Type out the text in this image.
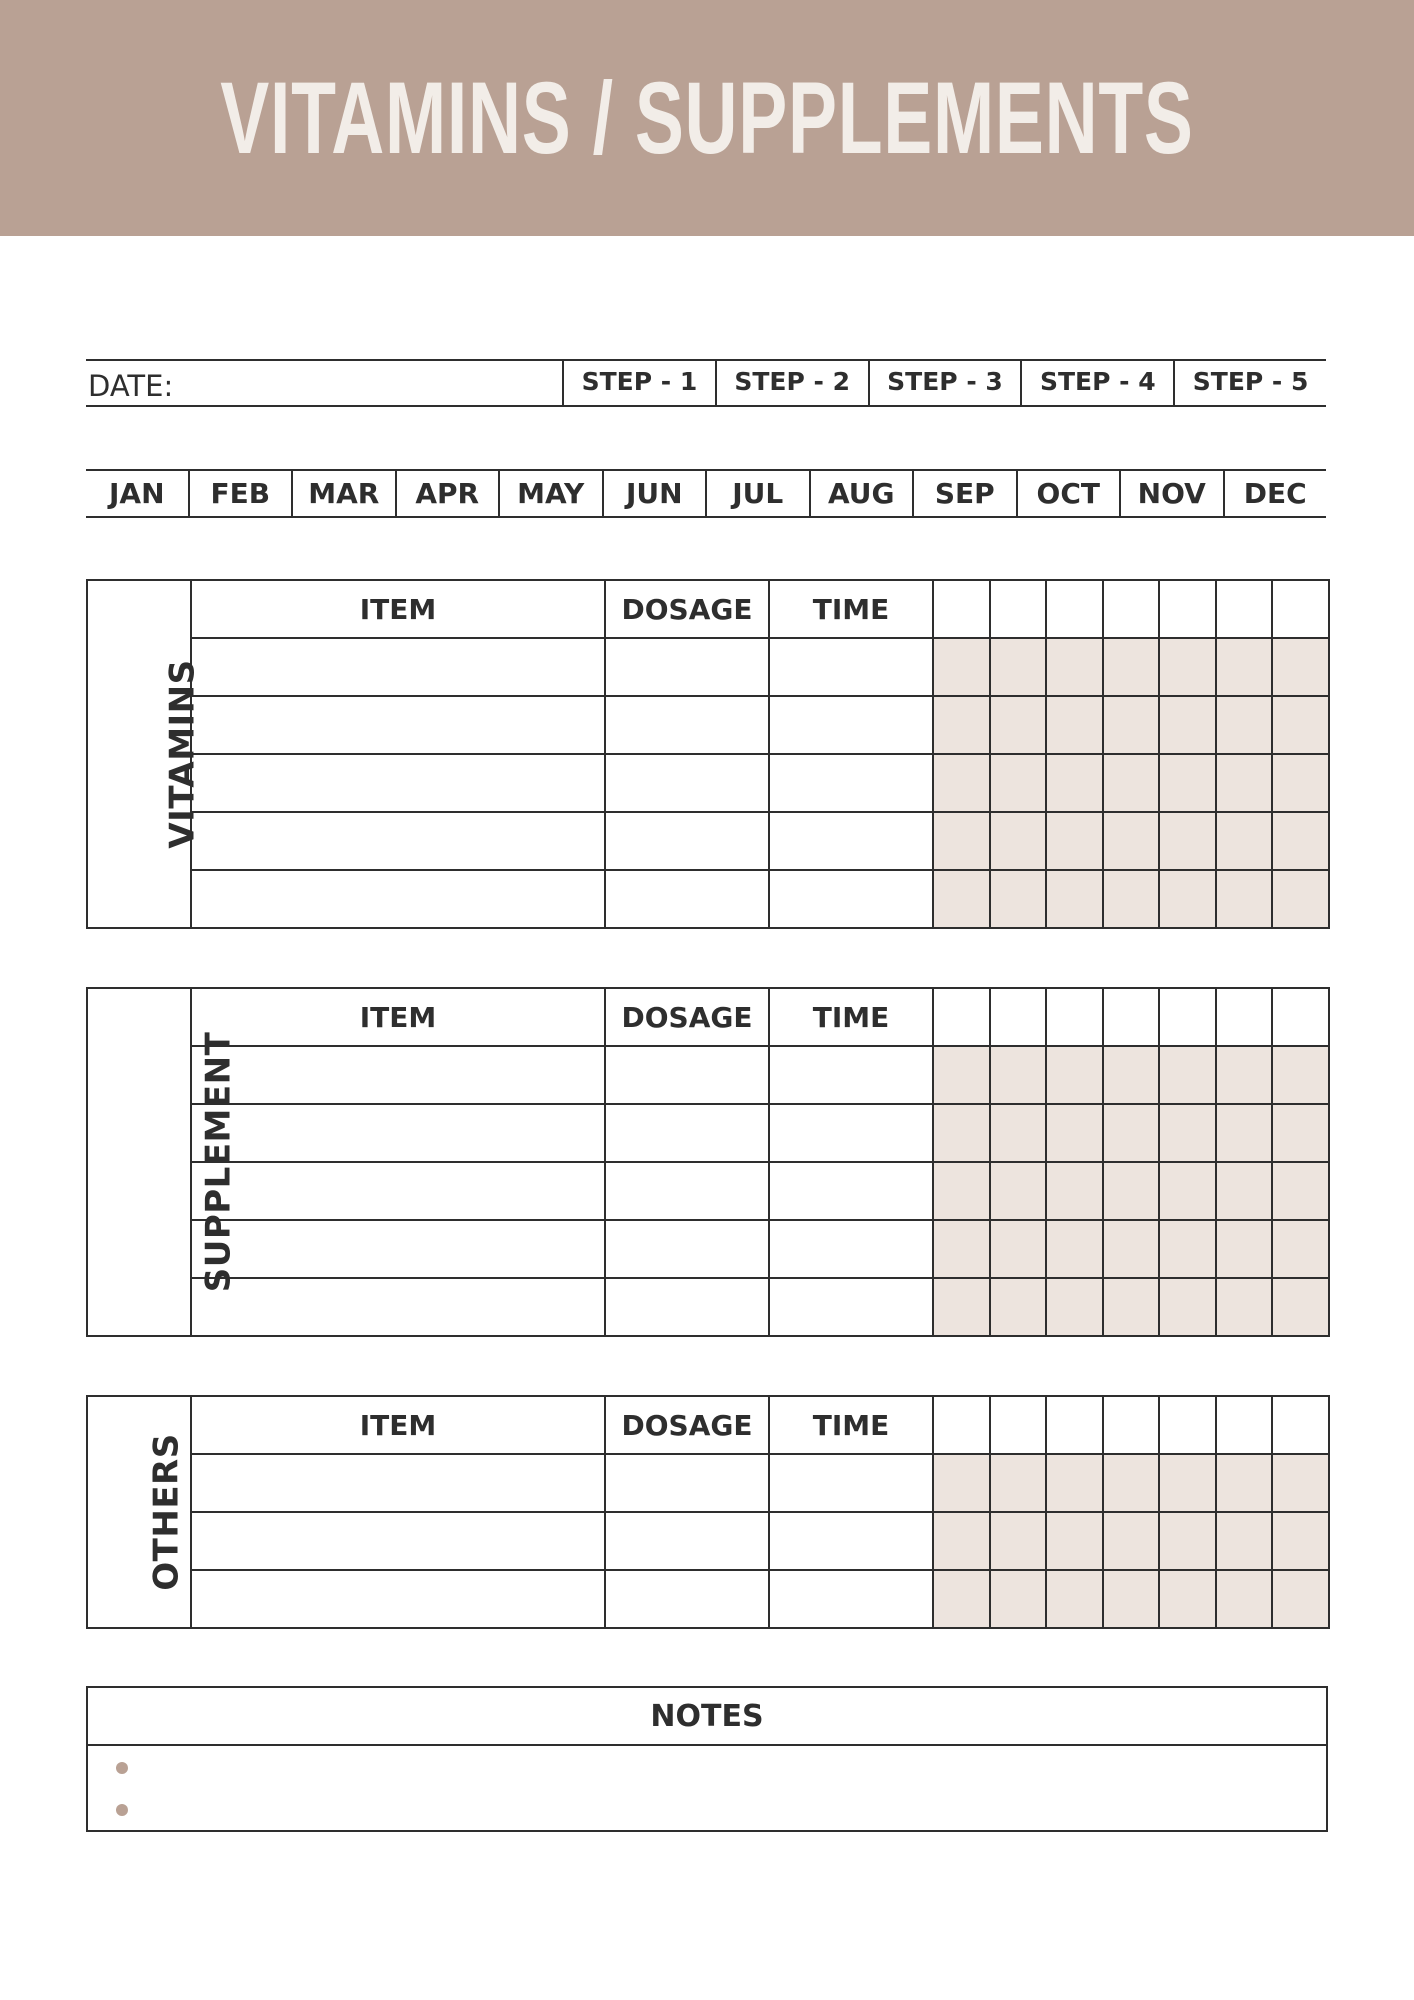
VITAMINS / SUPPLEMENTS
DATE:	STEP - 1	STEP - 2	STEP - 3	STEP - 4	STEP - 5
JAN	FEB	MAR	APR	MAY	JUN	JUL	AUG	SEP	OCT	NOV	DEC
VITAMINS	ITEM	DOSAGE	TIME							

SUPPLEMENT	ITEM	DOSAGE	TIME							

OTHERS	ITEM	DOSAGE	TIME							

NOTES
